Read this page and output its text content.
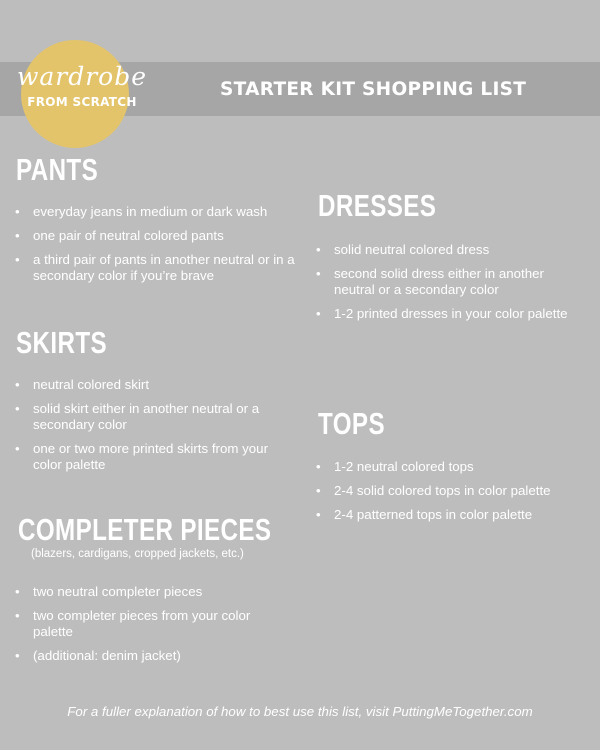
wardrobe
FROM SCRATCH
STARTER KIT SHOPPING LIST
PANTS
• everyday jeans in medium or dark wash
• one pair of neutral colored pants
• a third pair of pants in another neutral or in a secondary color if you’re brave
SKIRTS
• neutral colored skirt
• solid skirt either in another neutral or a secondary color
• one or two more printed skirts from your color palette
COMPLETER PIECES
(blazers, cardigans, cropped jackets, etc.)
• two neutral completer pieces
• two completer pieces from your color palette
• (additional: denim jacket)
DRESSES
• solid neutral colored dress
• second solid dress either in another neutral or a secondary color
• 1-2 printed dresses in your color palette
TOPS
• 1-2 neutral colored tops
• 2-4 solid colored tops in color palette
• 2-4 patterned tops in color palette
For a fuller explanation of how to best use this list, visit PuttingMeTogether.com
